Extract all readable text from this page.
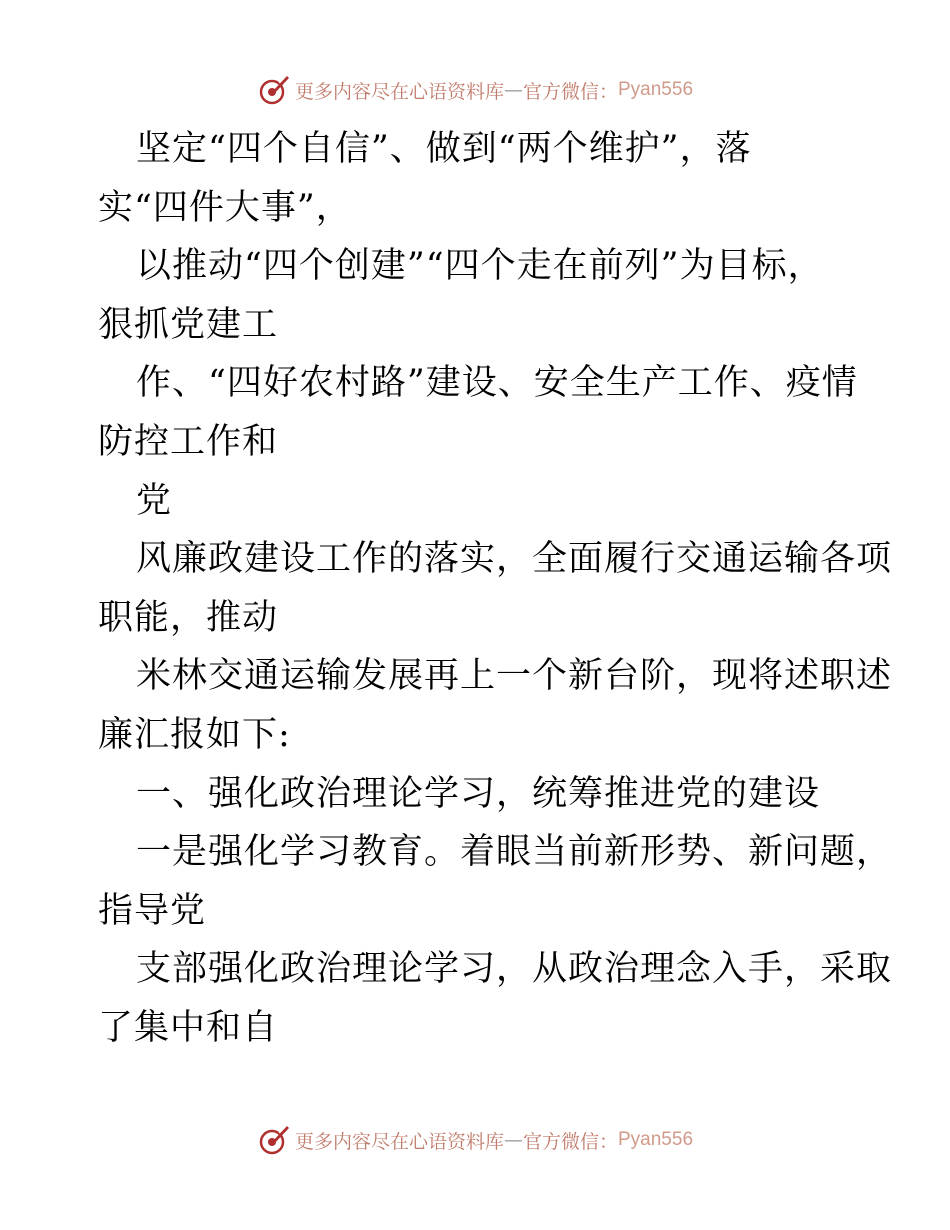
更多内容尽在心语资料库 — 官方微信： Pyan556
坚定“四个自信”、做到“两个维护”，落
实“四件大事”，
以推动“四个创建”“四个走在前列”为目标，
狠抓党建工
作、“四好农村路”建设、安全生产工作、疫情
防控工作和
党
风廉政建设工作的落实，全面履行交通运输各项
职能，推动
米林交通运输发展再上一个新台阶，现将述职述
廉汇报如下:
一、强化政治理论学习，统筹推进党的建设
一是强化学习教育。着眼当前新形势、新问题，
指导党
支部强化政治理论学习，从政治理念入手，采取
了集中和自
更多内容尽在心语资料库 — 官方微信： Pyan556
